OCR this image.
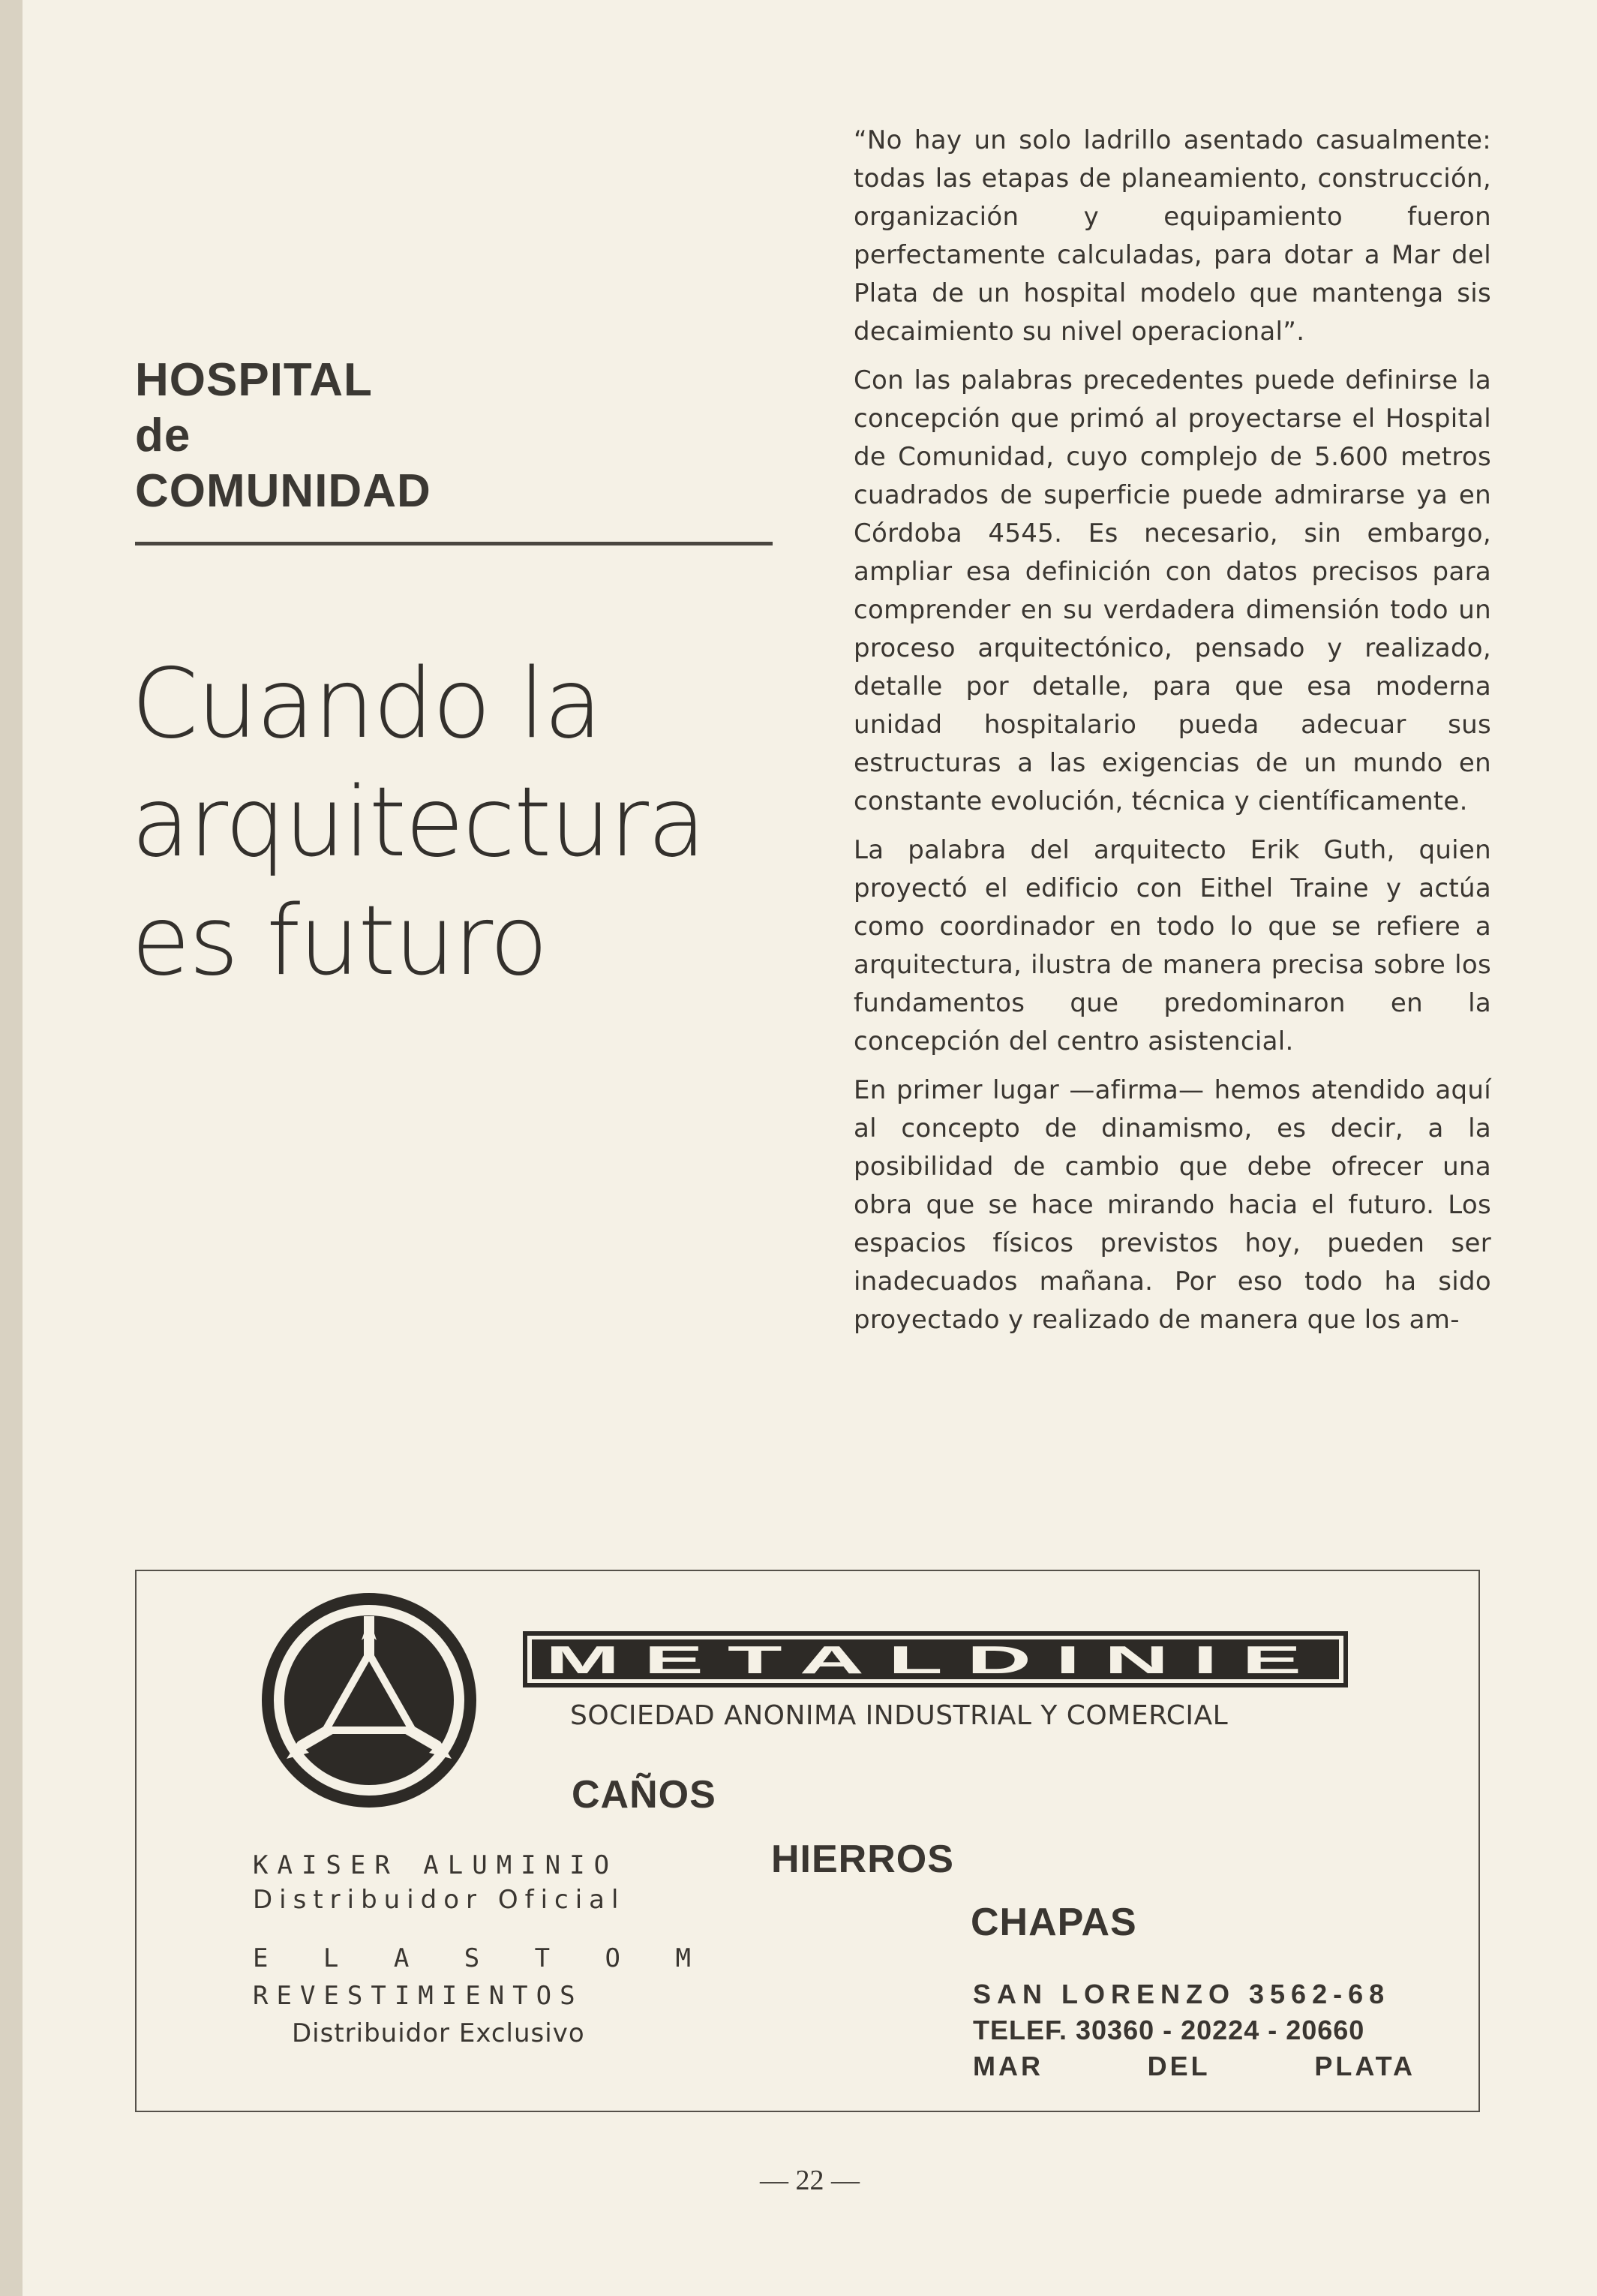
HOSPITAL
de
COMUNIDAD
Cuando la
arquitectura
es futuro

“No hay un solo ladrillo asentado casualmente: todas las etapas de planeamiento, construcción, organización y equipamiento fueron perfectamente calculadas, para dotar a Mar del Plata de un hospital modelo que mantenga sis decaimiento su nivel operacional”.

Con las palabras precedentes puede definirse la concepción que primó al proyectarse el Hospital de Comunidad, cuyo complejo de 5.600 metros cuadrados de superficie puede admirarse ya en Córdoba 4545. Es necesario, sin embargo, ampliar esa definición con datos precisos para comprender en su verdadera dimensión todo un proceso arquitectónico, pensado y realizado, detalle por detalle, para que esa moderna unidad hospitalario pueda adecuar sus estructuras a las exigencias de un mundo en constante evolución, técnica y científicamente.

La palabra del arquitecto Erik Guth, quien proyectó el edificio con Eithel Traine y actúa como coordinador en todo lo que se refiere a arquitectura, ilustra de manera precisa sobre los fundamentos que predominaron en la concepción del centro asistencial.

En primer lugar —afirma— hemos atendido aquí al concepto de dinamismo, es decir, a la posibilidad de cambio que debe ofrecer una obra que se hace mirando hacia el futuro. Los espacios físicos previstos hoy, pueden ser inadecuados mañana. Por eso todo ha sido proyectado y realizado de manera que los am-

METALDINIE
SOCIEDAD ANONIMA INDUSTRIAL Y COMERCIAL
CAÑOS
HIERROS
CHAPAS
KAISER ALUMINIO
Distribuidor Oficial
E L A S T O M
REVESTIMIENTOS
Distribuidor Exclusivo
SAN LORENZO 3562-68
TELEF. 30360 - 20224 - 20660
MAR	DEL	PLATA
— 22 —
